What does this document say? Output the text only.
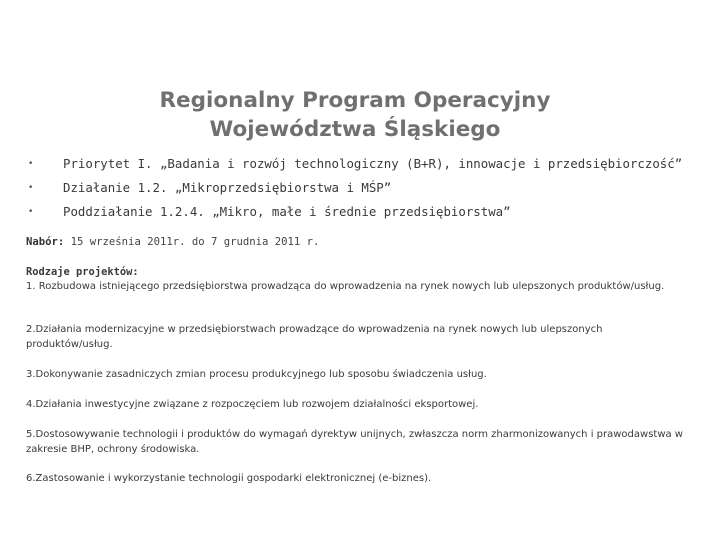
Regionalny Program Operacyjny
Województwa Śląskiego
• Priorytet I. „Badania i rozwój technologiczny (B+R), innowacje i przedsiębiorczość”
• Działanie 1.2. „Mikroprzedsiębiorstwa i MŚP”
• Poddziałanie 1.2.4. „Mikro, małe i średnie przedsiębiorstwa”
Nabór: 15 września 2011r. do 7 grudnia 2011 r.
Rodzaje projektów:
1. Rozbudowa istniejącego przedsiębiorstwa prowadząca do wprowadzenia na rynek nowych lub ulepszonych produktów/usług.
2.Działania modernizacyjne w przedsiębiorstwach prowadzące do wprowadzenia na rynek nowych lub ulepszonych produktów/usług.
3.Dokonywanie zasadniczych zmian procesu produkcyjnego lub sposobu świadczenia usług.
4.Działania inwestycyjne związane z rozpoczęciem lub rozwojem działalności eksportowej.
5.Dostosowywanie technologii i produktów do wymagań dyrektyw unijnych, zwłaszcza norm zharmonizowanych i prawodawstwa w zakresie BHP, ochrony środowiska.
6.Zastosowanie i wykorzystanie technologii gospodarki elektronicznej (e-biznes).
